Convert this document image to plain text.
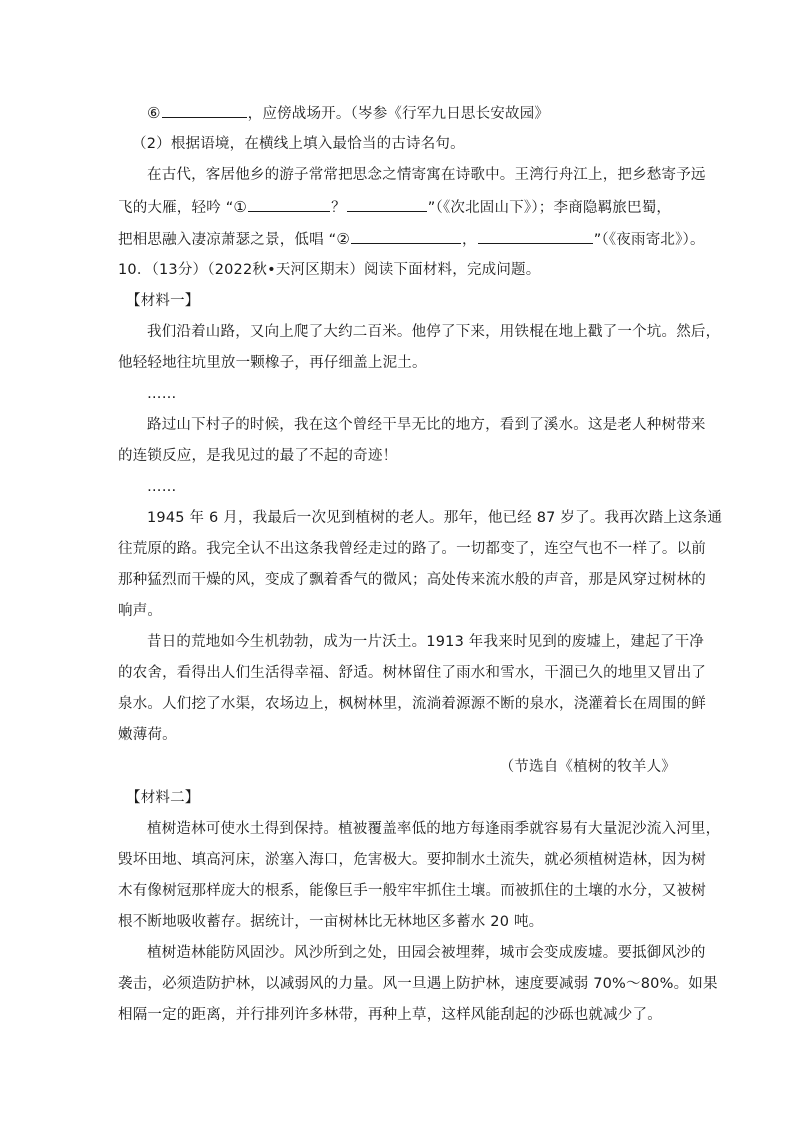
⑥	，应傍战场开。（岑参《行军九日思长安故园》
（2）根据语境，在横线上填入最恰当的古诗名句。
在古代，客居他乡的游子常常把思念之情寄寓在诗歌中。王湾行舟江上，把乡愁寄予远
飞的大雁，轻吟 “①	？	”（《次北固山下》）；李商隐羁旅巴蜀，
把相思融入凄凉萧瑟之景，低唱 “②	，	”（《夜雨寄北》）。
10．（13分）（2022秋•天河区期末）阅读下面材料，完成问题。
【材料一】
我们沿着山路，又向上爬了大约二百米。他停了下来，用铁棍在地上戳了一个坑。然后，
他轻轻地往坑里放一颗橡子，再仔细盖上泥土。
……
路过山下村子的时候，我在这个曾经干旱无比的地方，看到了溪水。这是老人种树带来
的连锁反应，是我见过的最了不起的奇迹！
……
1945 年 6 月，我最后一次见到植树的老人。那年，他已经 87 岁了。我再次踏上这条通
往荒原的路。我完全认不出这条我曾经走过的路了。一切都变了，连空气也不一样了。以前
那种猛烈而干燥的风，变成了飘着香气的微风；高处传来流水般的声音，那是风穿过树林的
响声。
昔日的荒地如今生机勃勃，成为一片沃土。1913 年我来时见到的废墟上，建起了干净
的农舍，看得出人们生活得幸福、舒适。树林留住了雨水和雪水，干涸已久的地里又冒出了
泉水。人们挖了水渠，农场边上，枫树林里，流淌着源源不断的泉水，浇灌着长在周围的鲜
嫩薄荷。
（节选自《植树的牧羊人》
【材料二】
植树造林可使水土得到保持。植被覆盖率低的地方每逢雨季就容易有大量泥沙流入河里，
毁坏田地、填高河床，淤塞入海口，危害极大。要抑制水土流失，就必须植树造林，因为树
木有像树冠那样庞大的根系，能像巨手一般牢牢抓住土壤。而被抓住的土壤的水分，又被树
根不断地吸收蓄存。据统计，一亩树林比无林地区多蓄水 20 吨。
植树造林能防风固沙。风沙所到之处，田园会被埋葬，城市会变成废墟。要抵御风沙的
袭击，必须造防护林，以减弱风的力量。风一旦遇上防护林，速度要减弱 70%～80%。如果
相隔一定的距离，并行排列许多林带，再种上草，这样风能刮起的沙砾也就减少了。
